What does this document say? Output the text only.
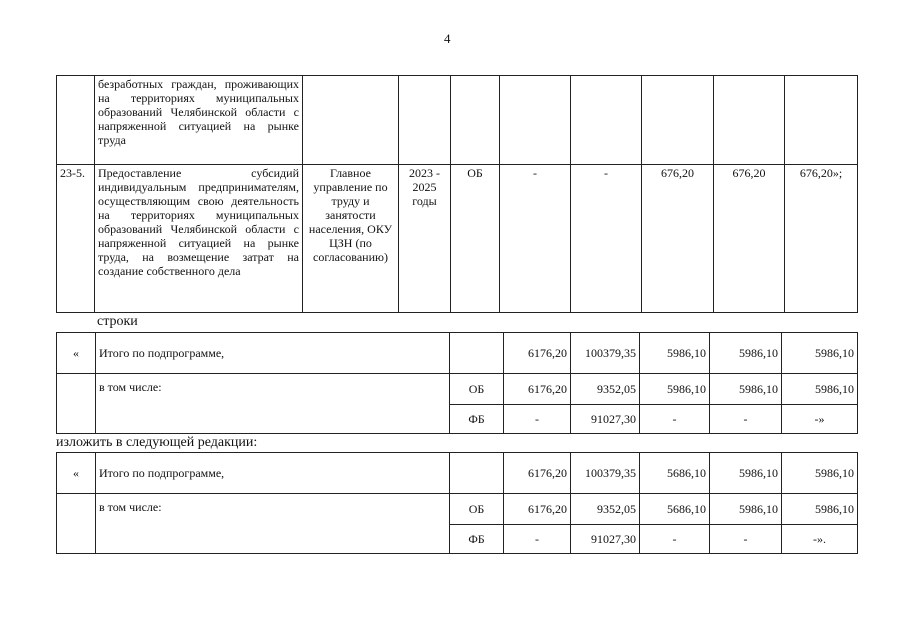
4
	безработных граждан, проживающих на территориях муниципальных образований Челябинской области с напряженной ситуацией на рынке труда								
23-5.	Предоставление субсидий индивидуальным предпринимателям, осуществляющим свою деятельность на территориях муниципальных образований Челябинской области с напряженной ситуацией на рынке труда, на возмещение затрат на создание собственного дела	Главное управление по труду и занятости населения, ОКУ ЦЗН (по согласованию)	2023 - 2025 годы	ОБ	-	-	676,20	676,20	676,20»;
строки
«	Итого по подпрограмме,		6176,20	100379,35	5986,10	5986,10	5986,10
	в том числе:	ОБ	6176,20	9352,05	5986,10	5986,10	5986,10
		ФБ	-	91027,30	-	-	-»
изложить в следующей редакции:
«	Итого по подпрограмме,		6176,20	100379,35	5686,10	5986,10	5986,10
	в том числе:	ОБ	6176,20	9352,05	5686,10	5986,10	5986,10
		ФБ	-	91027,30	-	-	-».
